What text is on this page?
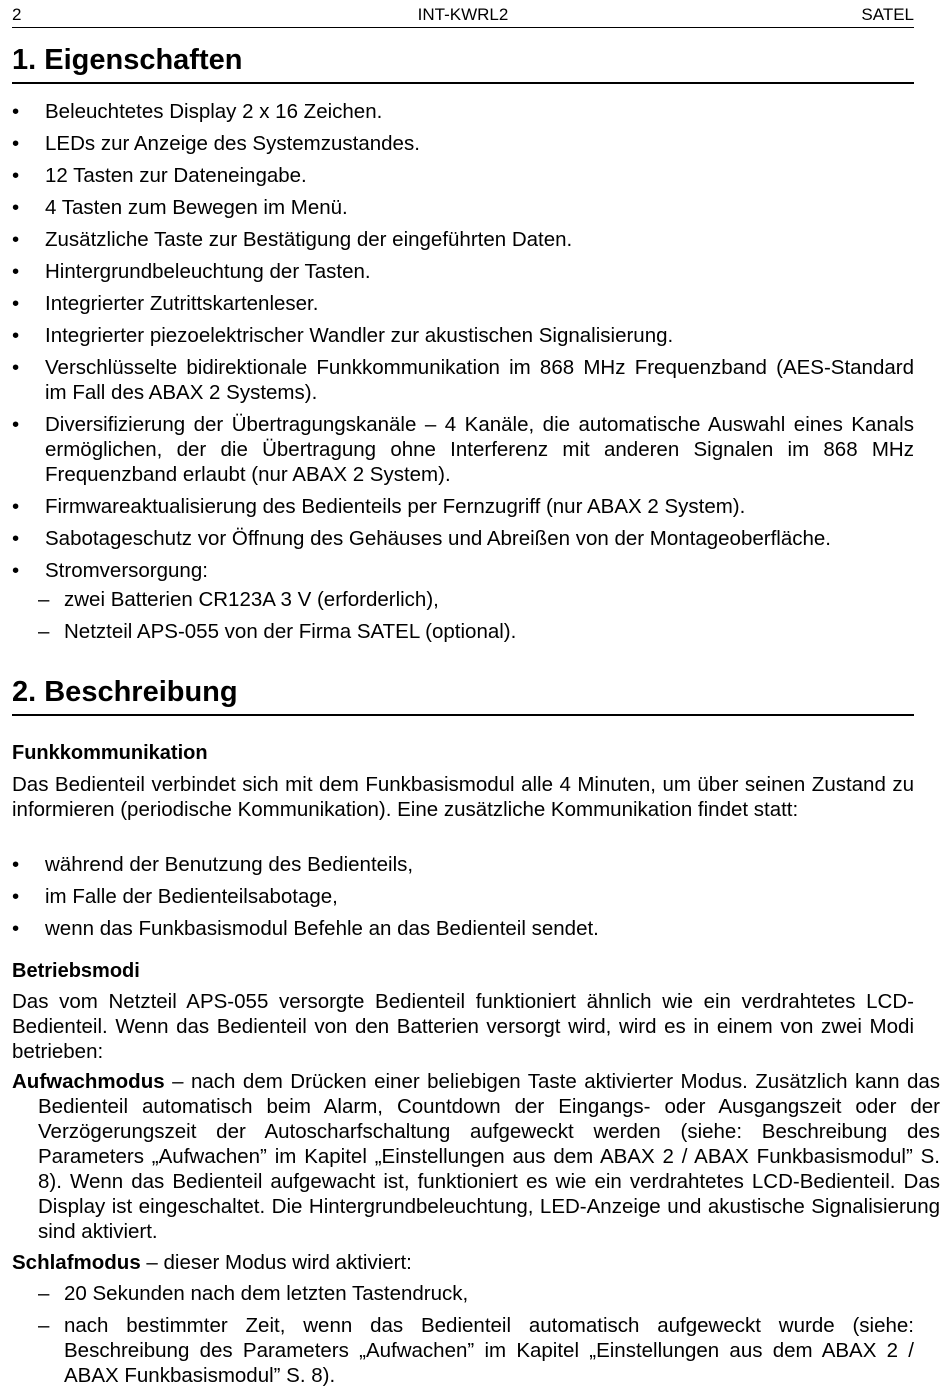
2	INT-KWRL2	SATEL
1. Eigenschaften
• Beleuchtetes Display 2 x 16 Zeichen.
• LEDs zur Anzeige des Systemzustandes.
• 12 Tasten zur Dateneingabe.
• 4 Tasten zum Bewegen im Menü.
• Zusätzliche Taste zur Bestätigung der eingeführten Daten.
• Hintergrundbeleuchtung der Tasten.
• Integrierter Zutrittskartenleser.
• Integrierter piezoelektrischer Wandler zur akustischen Signalisierung.
• Verschlüsselte bidirektionale Funkkommunikation im 868 MHz Frequenzband (AES-Standard im Fall des ABAX 2 Systems).
• Diversifizierung der Übertragungskanäle – 4 Kanäle, die automatische Auswahl eines Kanals ermöglichen, der die Übertragung ohne Interferenz mit anderen Signalen im 868 MHz Frequenzband erlaubt (nur ABAX 2 System).
• Firmwareaktualisierung des Bedienteils per Fernzugriff (nur ABAX 2 System).
• Sabotageschutz vor Öffnung des Gehäuses und Abreißen von der Montageoberfläche.
• Stromversorgung:
– zwei Batterien CR123A 3 V (erforderlich),
– Netzteil APS-055 von der Firma SATEL (optional).
2. Beschreibung
Funkkommunikation
Das Bedienteil verbindet sich mit dem Funkbasismodul alle 4 Minuten, um über seinen Zustand zu informieren (periodische Kommunikation). Eine zusätzliche Kommunikation findet statt:
• während der Benutzung des Bedienteils,
• im Falle der Bedienteilsabotage,
• wenn das Funkbasismodul Befehle an das Bedienteil sendet.
Betriebsmodi
Das vom Netzteil APS-055 versorgte Bedienteil funktioniert ähnlich wie ein verdrahtetes LCD-Bedienteil. Wenn das Bedienteil von den Batterien versorgt wird, wird es in einem von zwei Modi betrieben:
Aufwachmodus – nach dem Drücken einer beliebigen Taste aktivierter Modus. Zusätzlich kann das Bedienteil automatisch beim Alarm, Countdown der Eingangs- oder Ausgangszeit oder der Verzögerungszeit der Autoscharfschaltung aufgeweckt werden (siehe: Beschreibung des Parameters „Aufwachen” im Kapitel „Einstellungen aus dem ABAX 2 / ABAX Funkbasismodul” S. 8). Wenn das Bedienteil aufgewacht ist, funktioniert es wie ein verdrahtetes LCD-Bedienteil. Das Display ist eingeschaltet. Die Hintergrundbeleuchtung, LED-Anzeige und akustische Signalisierung sind aktiviert.
Schlafmodus – dieser Modus wird aktiviert:
– 20 Sekunden nach dem letzten Tastendruck,
– nach bestimmter Zeit, wenn das Bedienteil automatisch aufgeweckt wurde (siehe: Beschreibung des Parameters „Aufwachen” im Kapitel „Einstellungen aus dem ABAX 2 / ABAX Funkbasismodul” S. 8).
